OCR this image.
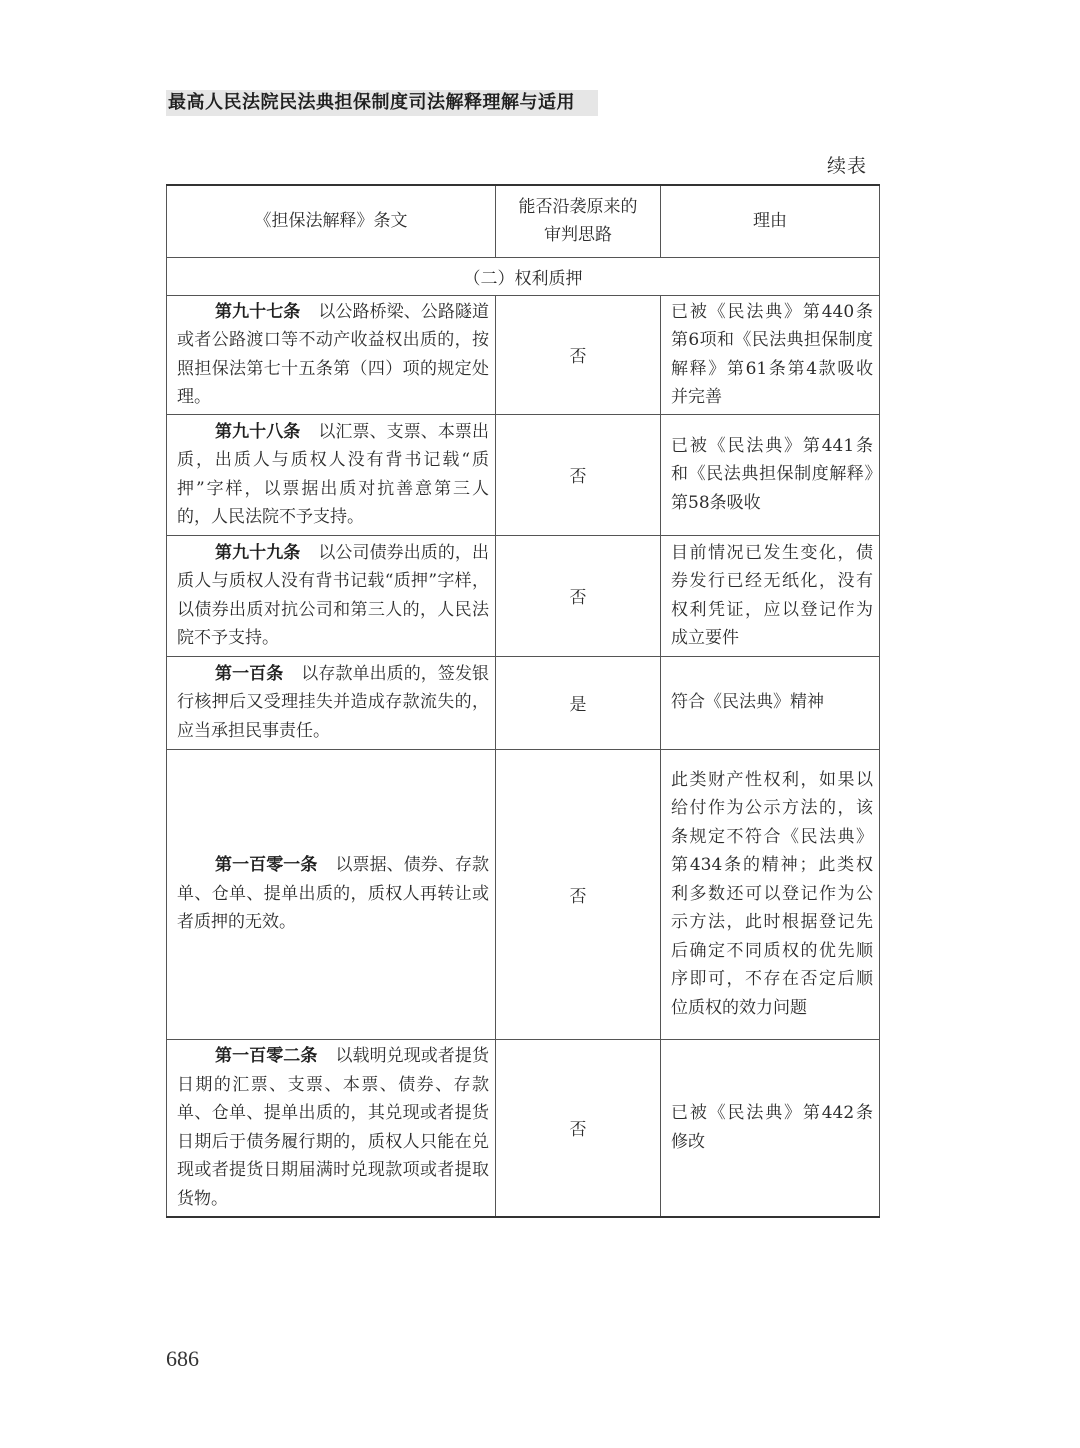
最高人民法院民法典担保制度司法解释理解与适用
续表
《担保法解释》条文	能否沿袭原来的审判思路	理由
（二）权利质押		
第九十七条 以公路桥梁、公路隧道或者公路渡口等不动产收益权出质的，按照担保法第七十五条第（四）项的规定处理。	否	已被《民法典》第440条第6项和《民法典担保制度解释》第61条第4款吸收并完善
第九十八条 以汇票、支票、本票出质，出质人与质权人没有背书记载“质押”字样，以票据出质对抗善意第三人的，人民法院不予支持。	否	已被《民法典》第441条和《民法典担保制度解释》第58条吸收
第九十九条 以公司债券出质的，出质人与质权人没有背书记载“质押”字样，以债券出质对抗公司和第三人的，人民法院不予支持。	否	目前情况已发生变化，债券发行已经无纸化，没有权利凭证，应以登记作为成立要件
第一百条 以存款单出质的，签发银行核押后又受理挂失并造成存款流失的，应当承担民事责任。	是	符合《民法典》精神
第一百零一条 以票据、债券、存款单、仓单、提单出质的，质权人再转让或者质押的无效。	否	此类财产性权利，如果以给付作为公示方法的，该条规定不符合《民法典》第434条的精神；此类权利多数还可以登记作为公示方法，此时根据登记先后确定不同质权的优先顺序即可，不存在否定后顺位质权的效力问题
第一百零二条 以载明兑现或者提货日期的汇票、支票、本票、债券、存款单、仓单、提单出质的，其兑现或者提货日期后于债务履行期的，质权人只能在兑现或者提货日期届满时兑现款项或者提取货物。	否	已被《民法典》第442条修改
686
